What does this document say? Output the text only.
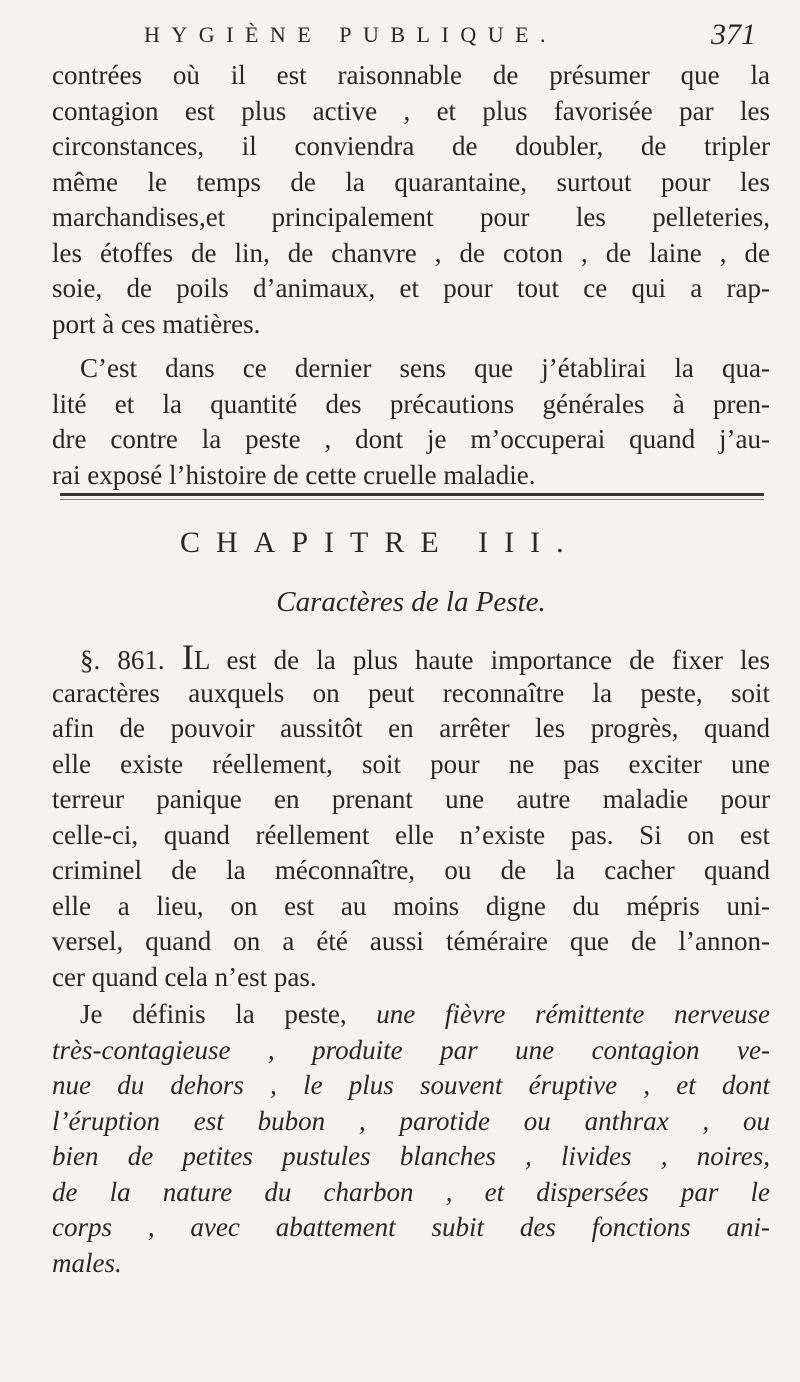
HYGIÈNE PUBLIQUE.	371

contrées où il est raisonnable de présumer que la
contagion est plus active , et plus favorisée par les
circonstances, il conviendra de doubler, de tripler
même le temps de la quarantaine, surtout pour les
marchandises,et principalement pour les pelleteries,
les étoffes de lin, de chanvre , de coton , de laine , de
soie, de poils d’animaux, et pour tout ce qui a rap-
port à ces matières.

C’est dans ce dernier sens que j’établirai la qua-
lité et la quantité des précautions générales à pren-
dre contre la peste , dont je m’occuperai quand j’au-
rai exposé l’histoire de cette cruelle maladie.

CHAPITRE III.
Caractères de la Peste.

§. 861. IL est de la plus haute importance de fixer les
caractères auxquels on peut reconnaître la peste, soit
afin de pouvoir aussitôt en arrêter les progrès, quand
elle existe réellement, soit pour ne pas exciter une
terreur panique en prenant une autre maladie pour
celle-ci, quand réellement elle n’existe pas. Si on est
criminel de la méconnaître, ou de la cacher quand
elle a lieu, on est au moins digne du mépris uni-
versel, quand on a été aussi téméraire que de l’annon-
cer quand cela n’est pas.

Je définis la peste, une fièvre rémittente nerveuse
très-contagieuse , produite par une contagion ve-
nue du dehors , le plus souvent éruptive , et dont
l’éruption est bubon , parotide ou anthrax , ou
bien de petites pustules blanches , livides , noires,
de la nature du charbon , et dispersées par le
corps , avec abattement subit des fonctions ani-
males.
